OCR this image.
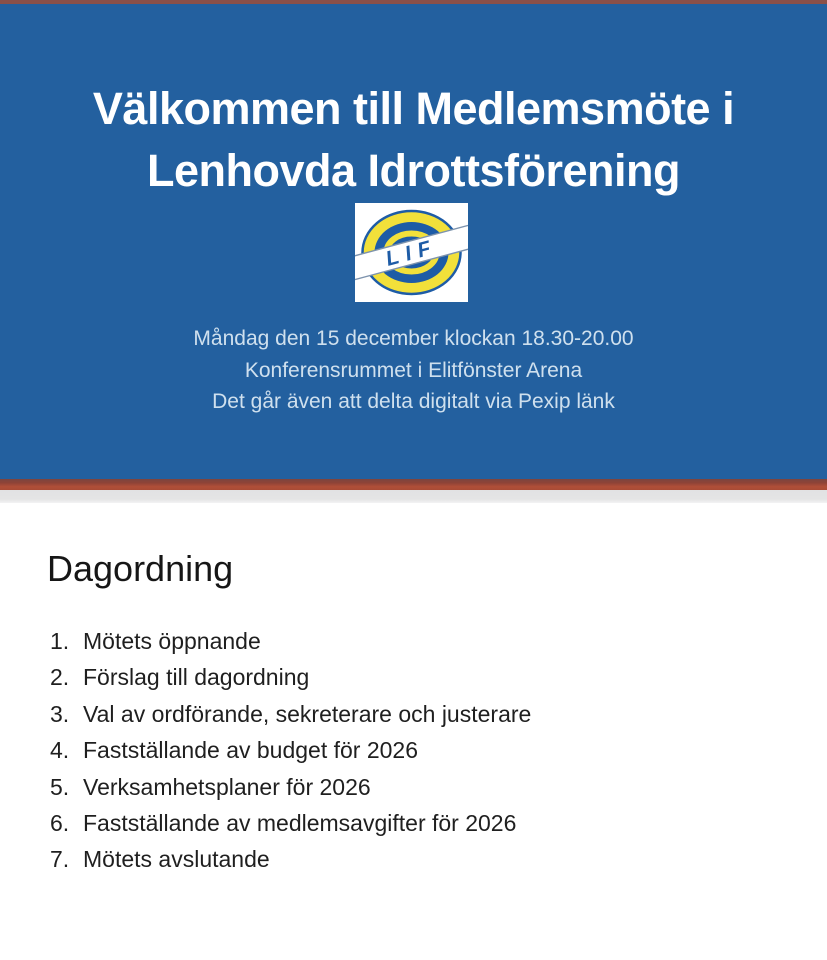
Välkommen till Medlemsmöte i
Lenhovda Idrottsförening
LIF

Måndag den 15 december klockan 18.30-20.00

Konferensrummet i Elitfönster Arena

Det går även att delta digitalt via Pexip länk

Dagordning
1. Mötets öppnande
2. Förslag till dagordning
3. Val av ordförande, sekreterare och justerare
4. Fastställande av budget för 2026
5. Verksamhetsplaner för 2026
6. Fastställande av medlemsavgifter för 2026
7. Mötets avslutande
